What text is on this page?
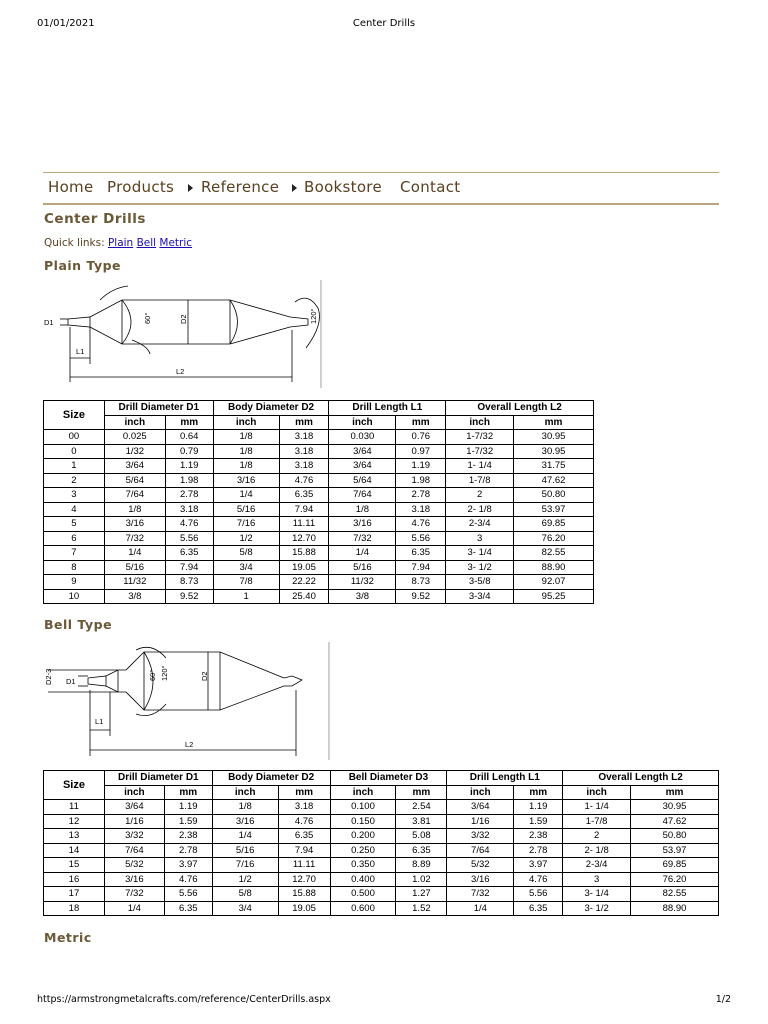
01/01/2021	Center Drills
Home Products Reference Bookstore Contact
Center Drills
Quick links: Plain Bell Metric
Plain Type
D1
L1
L2
D2
60°	120°
Size	Drill Diameter D1		Body Diameter D2		Drill Length L1		Overall Length L2	
	inch	mm	inch	mm	inch	mm	inch	mm
00	0.025	0.64	1/8	3.18	0.030	0.76	1-7/32	30.95
0	1/32	0.79	1/8	3.18	3/64	0.97	1-7/32	30.95
1	3/64	1.19	1/8	3.18	3/64	1.19	1- 1/4	31.75
2	5/64	1.98	3/16	4.76	5/64	1.98	1-7/8	47.62
3	7/64	2.78	1/4	6.35	7/64	2.78	2	50.80
4	1/8	3.18	5/16	7.94	1/8	3.18	2- 1/8	53.97
5	3/16	4.76	7/16	11.11	3/16	4.76	2-3/4	69.85
6	7/32	5.56	1/2	12.70	7/32	5.56	3	76.20
7	1/4	6.35	5/8	15.88	1/4	6.35	3- 1/4	82.55
8	5/16	7.94	3/4	19.05	5/16	7.94	3- 1/2	88.90
9	11/32	8.73	7/8	22.22	11/32	8.73	3-5/8	92.07
10	3/8	9.52	1	25.40	3/8	9.52	3-3/4	95.25
Bell Type
D2-3 D1
L1
L2
D2
60° 120°
Size	Drill Diameter D1		Body Diameter D2		Bell Diameter D3		Drill Length L1		Overall Length L2	
	inch	mm	inch	mm	inch	mm	inch	mm	inch	mm
11	3/64	1.19	1/8	3.18	0.100	2.54	3/64	1.19	1- 1/4	30.95
12	1/16	1.59	3/16	4.76	0.150	3.81	1/16	1.59	1-7/8	47.62
13	3/32	2.38	1/4	6.35	0.200	5.08	3/32	2.38	2	50.80
14	7/64	2.78	5/16	7.94	0.250	6.35	7/64	2.78	2- 1/8	53.97
15	5/32	3.97	7/16	11.11	0.350	8.89	5/32	3.97	2-3/4	69.85
16	3/16	4.76	1/2	12.70	0.400	1.02	3/16	4.76	3	76.20
17	7/32	5.56	5/8	15.88	0.500	1.27	7/32	5.56	3- 1/4	82.55
18	1/4	6.35	3/4	19.05	0.600	1.52	1/4	6.35	3- 1/2	88.90
Metric
https://armstrongmetalcrafts.com/reference/CenterDrills.aspx	1/2
